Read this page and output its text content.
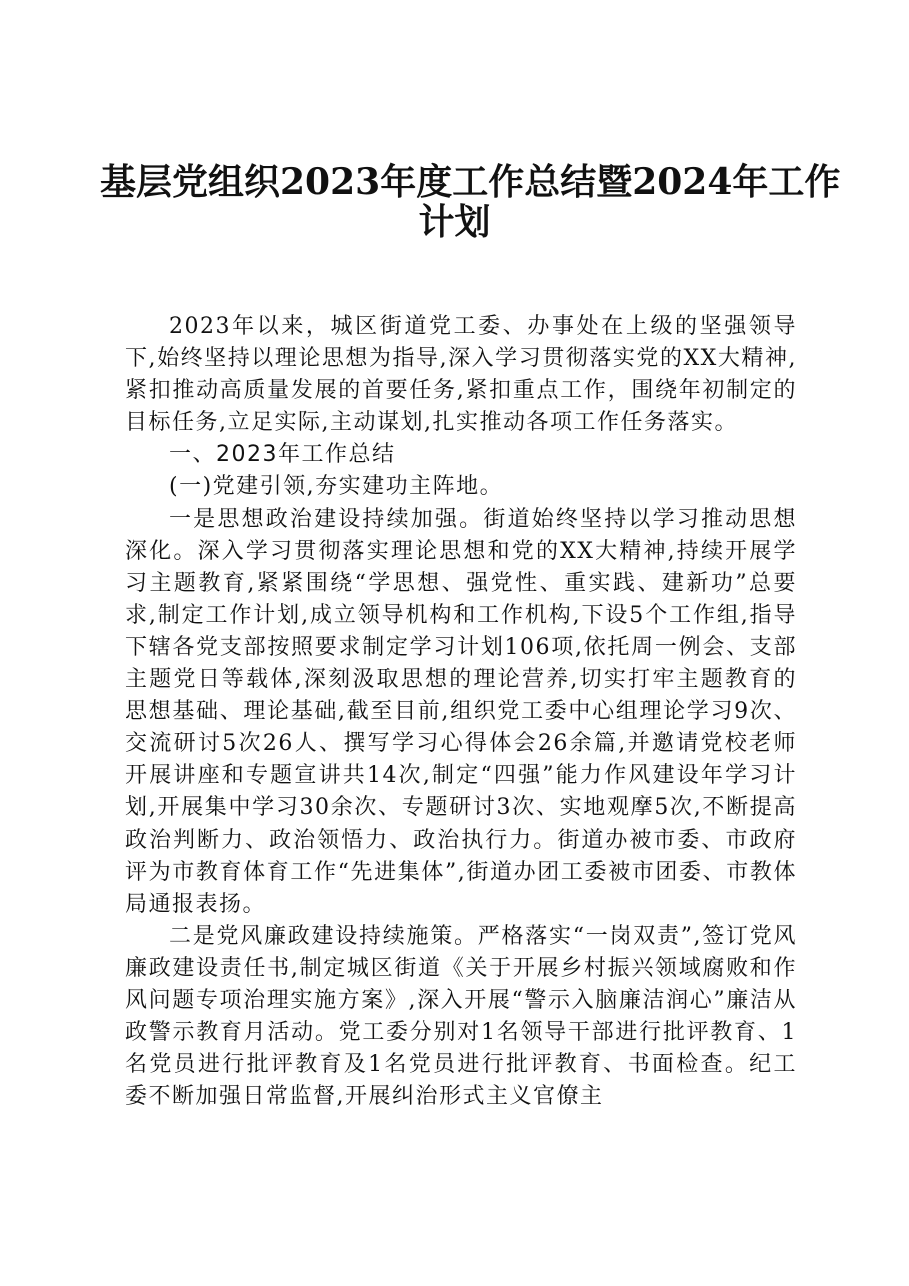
基层党组织2023年度工作总结暨2024年工作
计划

2023年以来，城区街道党工委、办事处在上级的坚强领导下,始终坚持以理论思想为指导,深入学习贯彻落实党的XX大精神,紧扣推动高质量发展的首要任务,紧扣重点工作，围绕年初制定的目标任务,立足实际,主动谋划,扎实推动各项工作任务落实。

一、2023年工作总结

(一)党建引领,夯实建功主阵地。

一是思想政治建设持续加强。街道始终坚持以学习推动思想深化。深入学习贯彻落实理论思想和党的XX大精神,持续开展学习主题教育,紧紧围绕“学思想、强党性、重实践、建新功”总要求,制定工作计划,成立领导机构和工作机构,下设5个工作组,指导下辖各党支部按照要求制定学习计划106项,依托周一例会、支部主题党日等载体,深刻汲取思想的理论营养,切实打牢主题教育的思想基础、理论基础,截至目前,组织党工委中心组理论学习9次、交流研讨5次26人、撰写学习心得体会26余篇,并邀请党校老师开展讲座和专题宣讲共14次,制定“四强”能力作风建设年学习计划,开展集中学习30余次、专题研讨3次、实地观摩5次,不断提高政治判断力、政治领悟力、政治执行力。街道办被市委、市政府评为市教育体育工作“先进集体”,街道办团工委被市团委、市教体局通报表扬。

二是党风廉政建设持续施策。严格落实“一岗双责”,签订党风廉政建设责任书,制定城区街道《关于开展乡村振兴领域腐败和作风问题专项治理实施方案》,深入开展“警示入脑廉洁润心”廉洁从政警示教育月活动。党工委分别对1名领导干部进行批评教育、1名党员进行批评教育及1名党员进行批评教育、书面检查。纪工委不断加强日常监督,开展纠治形式主义官僚主
